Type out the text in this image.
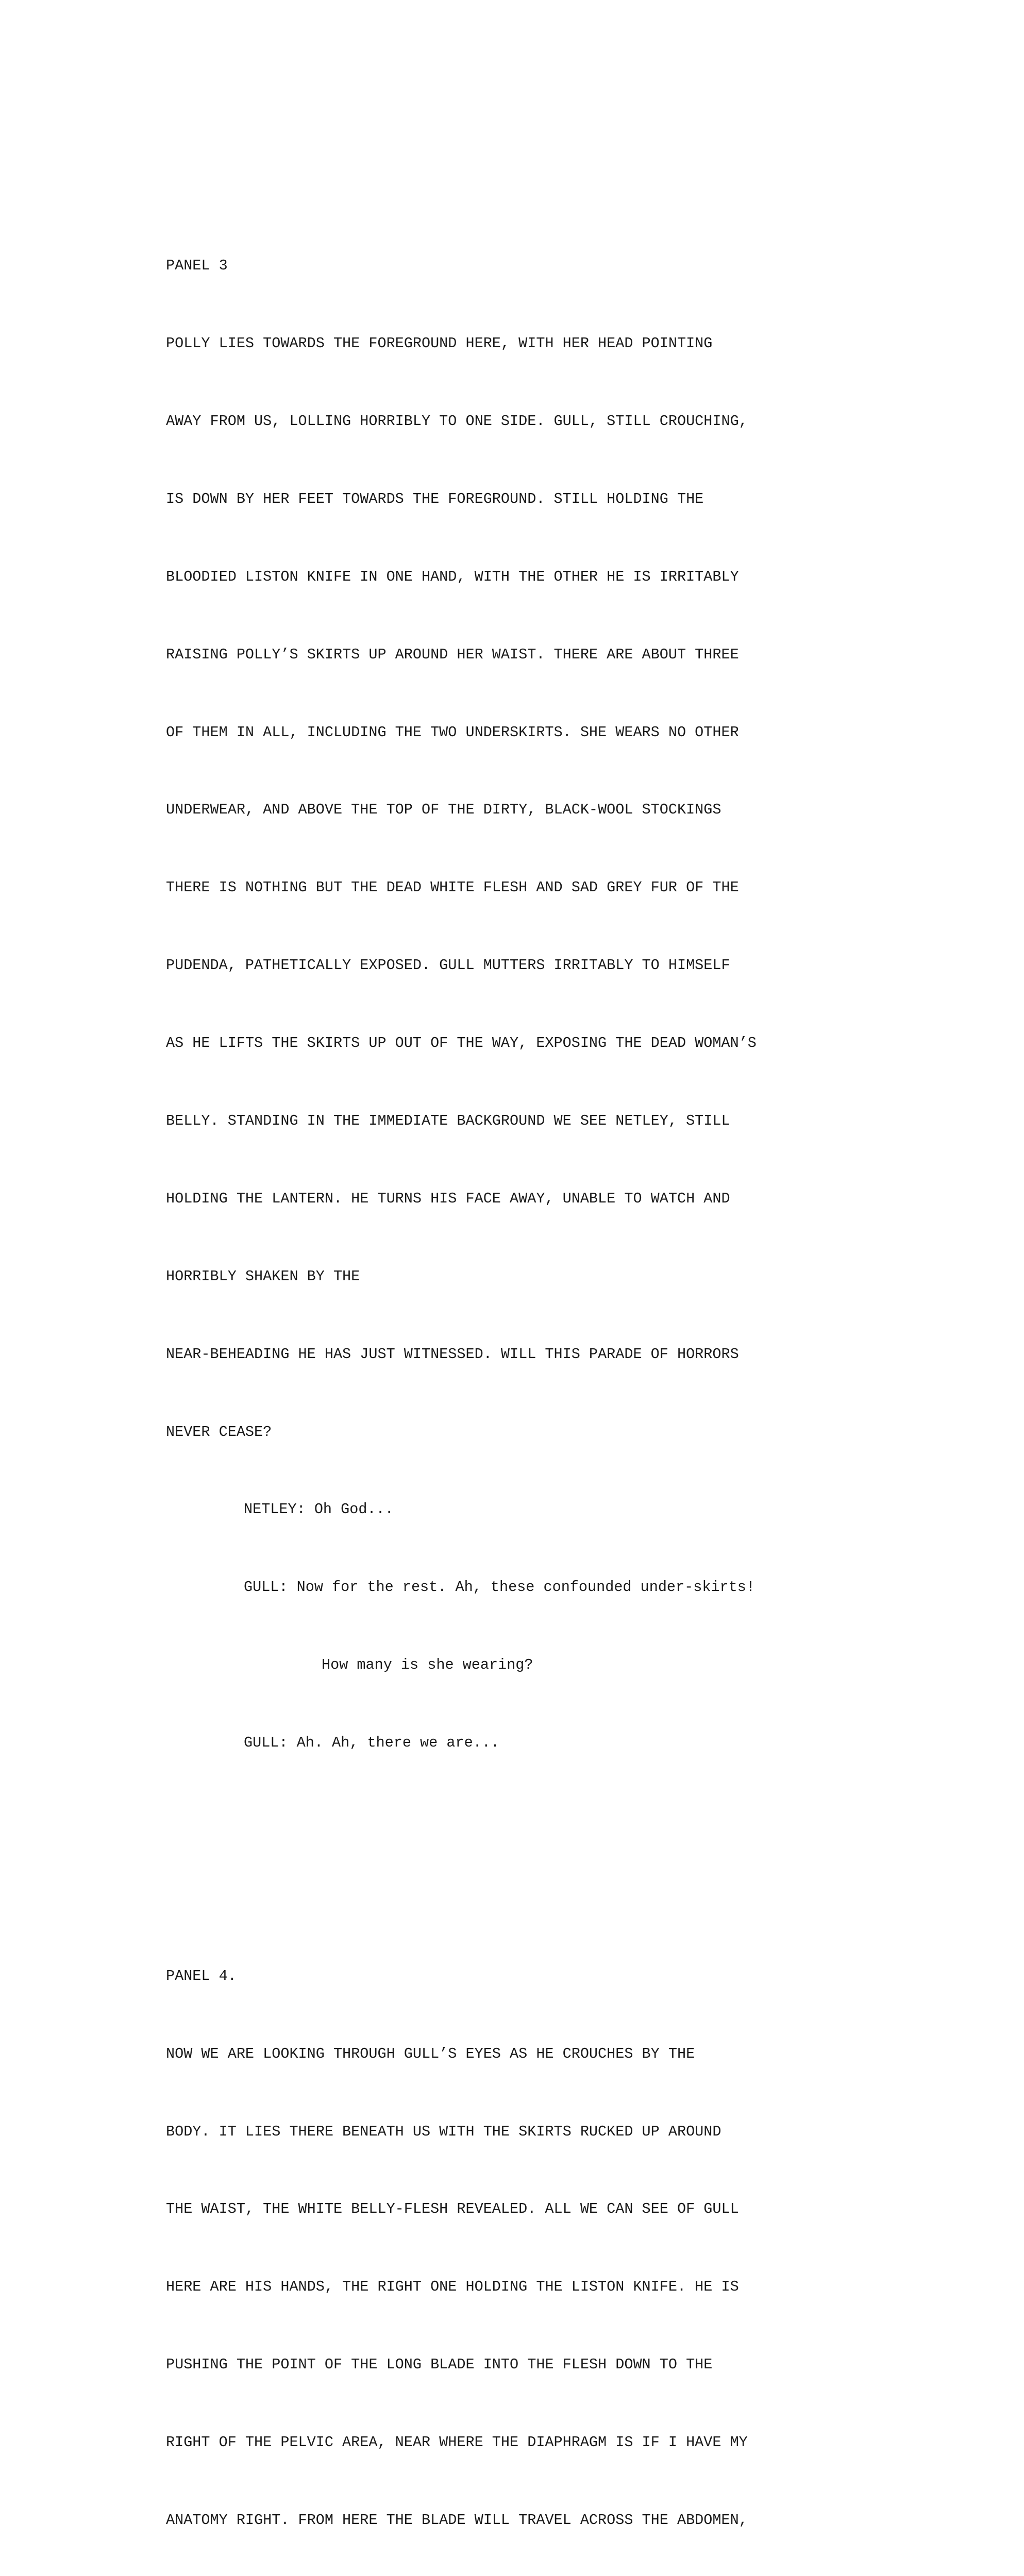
PANEL 3

POLLY LIES TOWARDS THE FOREGROUND HERE, WITH HER HEAD POINTING

AWAY FROM US, LOLLING HORRIBLY TO ONE SIDE. GULL, STILL CROUCHING,

IS DOWN BY HER FEET TOWARDS THE FOREGROUND. STILL HOLDING THE

BLOODIED LISTON KNIFE IN ONE HAND, WITH THE OTHER HE IS IRRITABLY

RAISING POLLY’S SKIRTS UP AROUND HER WAIST. THERE ARE ABOUT THREE

OF THEM IN ALL, INCLUDING THE TWO UNDERSKIRTS. SHE WEARS NO OTHER

UNDERWEAR, AND ABOVE THE TOP OF THE DIRTY, BLACK-WOOL STOCKINGS

THERE IS NOTHING BUT THE DEAD WHITE FLESH AND SAD GREY FUR OF THE

PUDENDA, PATHETICALLY EXPOSED. GULL MUTTERS IRRITABLY TO HIMSELF

AS HE LIFTS THE SKIRTS UP OUT OF THE WAY, EXPOSING THE DEAD WOMAN’S

BELLY. STANDING IN THE IMMEDIATE BACKGROUND WE SEE NETLEY, STILL

HOLDING THE LANTERN. HE TURNS HIS FACE AWAY, UNABLE TO WATCH AND

HORRIBLY SHAKEN BY THE

NEAR-BEHEADING HE HAS JUST WITNESSED. WILL THIS PARADE OF HORRORS

NEVER CEASE?

NETLEY: Oh God...

GULL: Now for the rest. Ah, these confounded under-skirts!

How many is she wearing?

GULL: Ah. Ah, there we are...

PANEL 4.

NOW WE ARE LOOKING THROUGH GULL’S EYES AS HE CROUCHES BY THE

BODY. IT LIES THERE BENEATH US WITH THE SKIRTS RUCKED UP AROUND

THE WAIST, THE WHITE BELLY-FLESH REVEALED. ALL WE CAN SEE OF GULL

HERE ARE HIS HANDS, THE RIGHT ONE HOLDING THE LISTON KNIFE. HE IS

PUSHING THE POINT OF THE LONG BLADE INTO THE FLESH DOWN TO THE

RIGHT OF THE PELVIC AREA, NEAR WHERE THE DIAPHRAGM IS IF I HAVE MY

ANATOMY RIGHT. FROM HERE THE BLADE WILL TRAVEL ACROSS THE ABDOMEN,
